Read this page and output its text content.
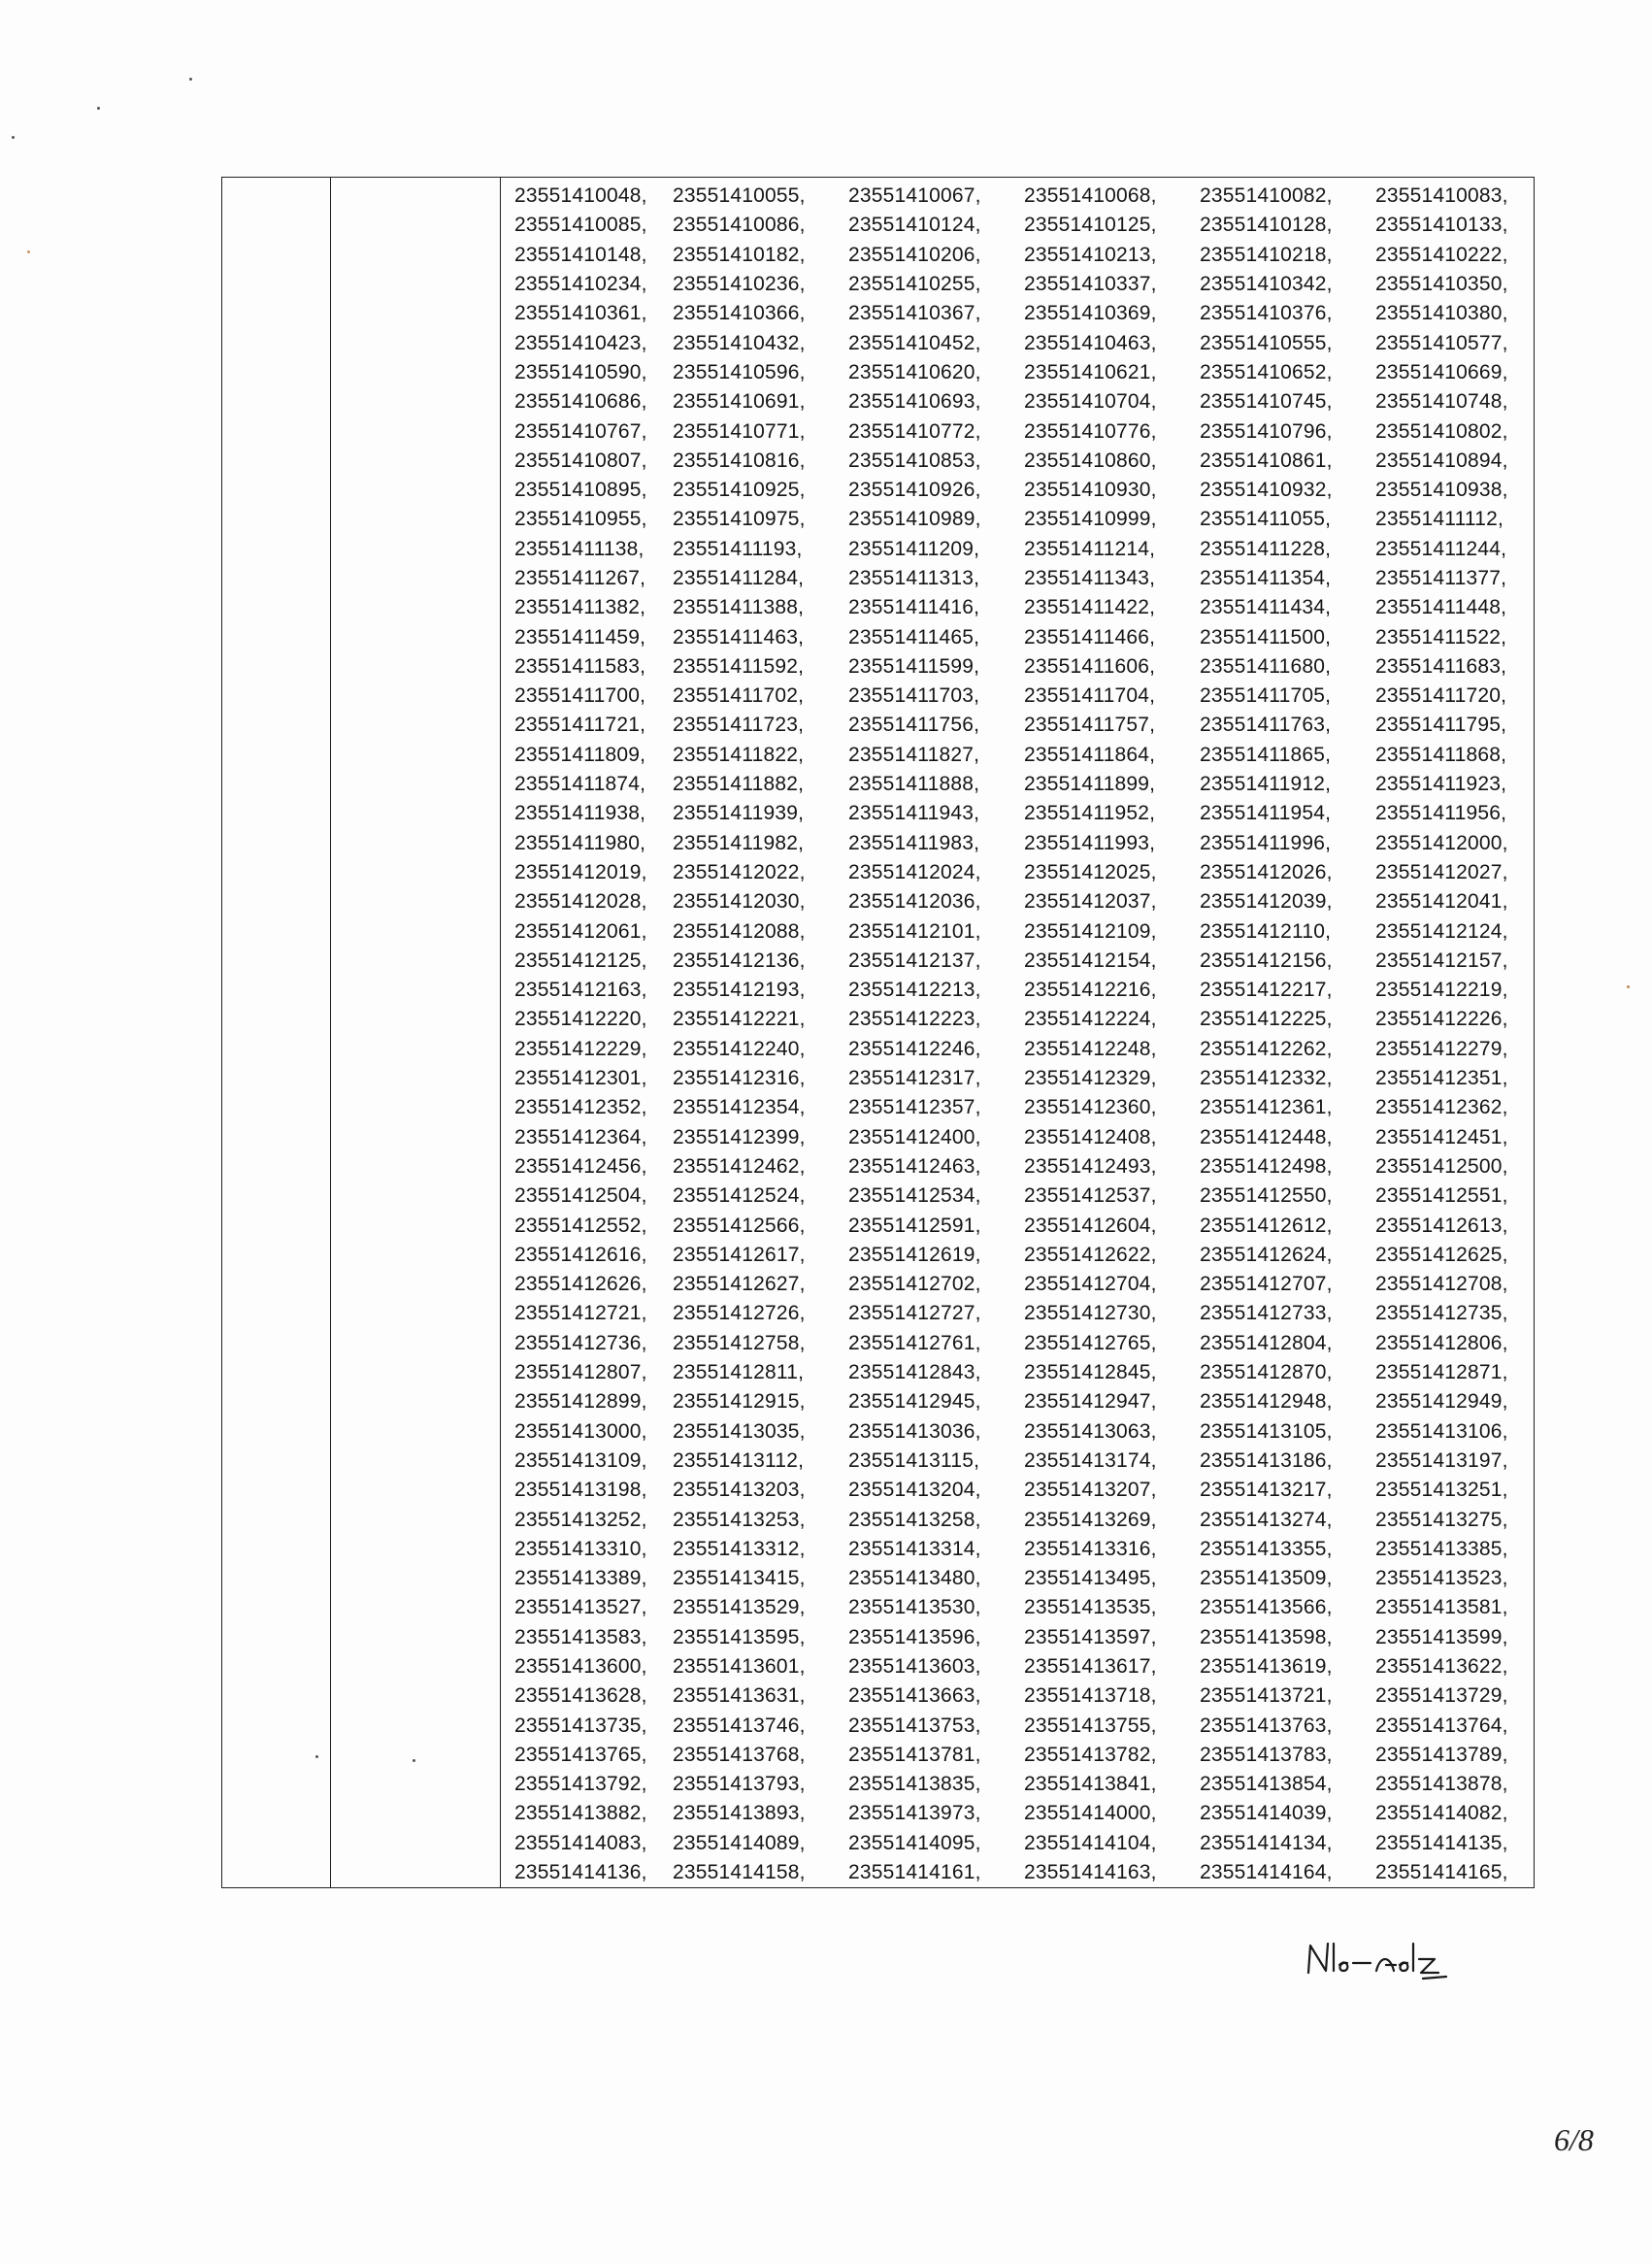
23551410048,	23551410055,	23551410067,	23551410068,	23551410082,	23551410083,
23551410085,	23551410086,	23551410124,	23551410125,	23551410128,	23551410133,
23551410148,	23551410182,	23551410206,	23551410213,	23551410218,	23551410222,
23551410234,	23551410236,	23551410255,	23551410337,	23551410342,	23551410350,
23551410361,	23551410366,	23551410367,	23551410369,	23551410376,	23551410380,
23551410423,	23551410432,	23551410452,	23551410463,	23551410555,	23551410577,
23551410590,	23551410596,	23551410620,	23551410621,	23551410652,	23551410669,
23551410686,	23551410691,	23551410693,	23551410704,	23551410745,	23551410748,
23551410767,	23551410771,	23551410772,	23551410776,	23551410796,	23551410802,
23551410807,	23551410816,	23551410853,	23551410860,	23551410861,	23551410894,
23551410895,	23551410925,	23551410926,	23551410930,	23551410932,	23551410938,
23551410955,	23551410975,	23551410989,	23551410999,	23551411055,	23551411112,
23551411138,	23551411193,	23551411209,	23551411214,	23551411228,	23551411244,
23551411267,	23551411284,	23551411313,	23551411343,	23551411354,	23551411377,
23551411382,	23551411388,	23551411416,	23551411422,	23551411434,	23551411448,
23551411459,	23551411463,	23551411465,	23551411466,	23551411500,	23551411522,
23551411583,	23551411592,	23551411599,	23551411606,	23551411680,	23551411683,
23551411700,	23551411702,	23551411703,	23551411704,	23551411705,	23551411720,
23551411721,	23551411723,	23551411756,	23551411757,	23551411763,	23551411795,
23551411809,	23551411822,	23551411827,	23551411864,	23551411865,	23551411868,
23551411874,	23551411882,	23551411888,	23551411899,	23551411912,	23551411923,
23551411938,	23551411939,	23551411943,	23551411952,	23551411954,	23551411956,
23551411980,	23551411982,	23551411983,	23551411993,	23551411996,	23551412000,
23551412019,	23551412022,	23551412024,	23551412025,	23551412026,	23551412027,
23551412028,	23551412030,	23551412036,	23551412037,	23551412039,	23551412041,
23551412061,	23551412088,	23551412101,	23551412109,	23551412110,	23551412124,
23551412125,	23551412136,	23551412137,	23551412154,	23551412156,	23551412157,
23551412163,	23551412193,	23551412213,	23551412216,	23551412217,	23551412219,
23551412220,	23551412221,	23551412223,	23551412224,	23551412225,	23551412226,
23551412229,	23551412240,	23551412246,	23551412248,	23551412262,	23551412279,
23551412301,	23551412316,	23551412317,	23551412329,	23551412332,	23551412351,
23551412352,	23551412354,	23551412357,	23551412360,	23551412361,	23551412362,
23551412364,	23551412399,	23551412400,	23551412408,	23551412448,	23551412451,
23551412456,	23551412462,	23551412463,	23551412493,	23551412498,	23551412500,
23551412504,	23551412524,	23551412534,	23551412537,	23551412550,	23551412551,
23551412552,	23551412566,	23551412591,	23551412604,	23551412612,	23551412613,
23551412616,	23551412617,	23551412619,	23551412622,	23551412624,	23551412625,
23551412626,	23551412627,	23551412702,	23551412704,	23551412707,	23551412708,
23551412721,	23551412726,	23551412727,	23551412730,	23551412733,	23551412735,
23551412736,	23551412758,	23551412761,	23551412765,	23551412804,	23551412806,
23551412807,	23551412811,	23551412843,	23551412845,	23551412870,	23551412871,
23551412899,	23551412915,	23551412945,	23551412947,	23551412948,	23551412949,
23551413000,	23551413035,	23551413036,	23551413063,	23551413105,	23551413106,
23551413109,	23551413112,	23551413115,	23551413174,	23551413186,	23551413197,
23551413198,	23551413203,	23551413204,	23551413207,	23551413217,	23551413251,
23551413252,	23551413253,	23551413258,	23551413269,	23551413274,	23551413275,
23551413310,	23551413312,	23551413314,	23551413316,	23551413355,	23551413385,
23551413389,	23551413415,	23551413480,	23551413495,	23551413509,	23551413523,
23551413527,	23551413529,	23551413530,	23551413535,	23551413566,	23551413581,
23551413583,	23551413595,	23551413596,	23551413597,	23551413598,	23551413599,
23551413600,	23551413601,	23551413603,	23551413617,	23551413619,	23551413622,
23551413628,	23551413631,	23551413663,	23551413718,	23551413721,	23551413729,
23551413735,	23551413746,	23551413753,	23551413755,	23551413763,	23551413764,
23551413765,	23551413768,	23551413781,	23551413782,	23551413783,	23551413789,
23551413792,	23551413793,	23551413835,	23551413841,	23551413854,	23551413878,
23551413882,	23551413893,	23551413973,	23551414000,	23551414039,	23551414082,
23551414083,	23551414089,	23551414095,	23551414104,	23551414134,	23551414135,
23551414136,	23551414158,	23551414161,	23551414163,	23551414164,	23551414165,
6/8
